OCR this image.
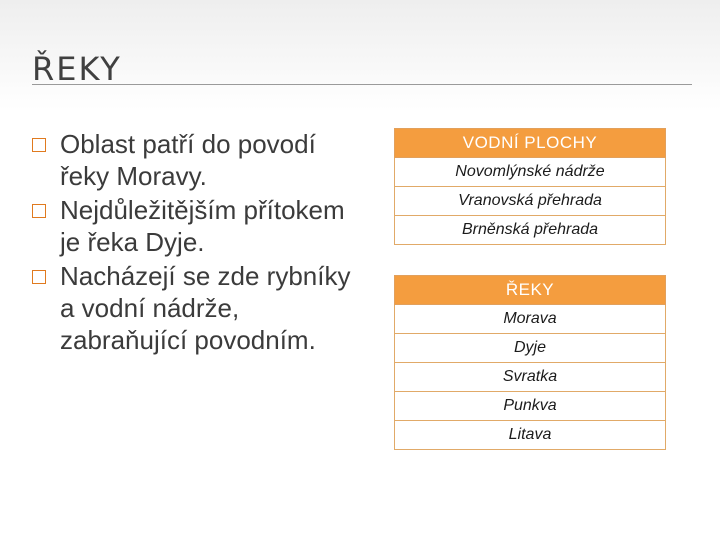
ŘEKY
Oblast patří do povodí řeky Moravy.
Nejdůležitějším přítokem je řeka Dyje.
Nacházejí se zde rybníky a vodní nádrže, zabraňující povodním.
VODNÍ PLOCHY
Novomlýnské nádrže
Vranovská přehrada
Brněnská přehrada
ŘEKY
Morava
Dyje
Svratka
Punkva
Litava
